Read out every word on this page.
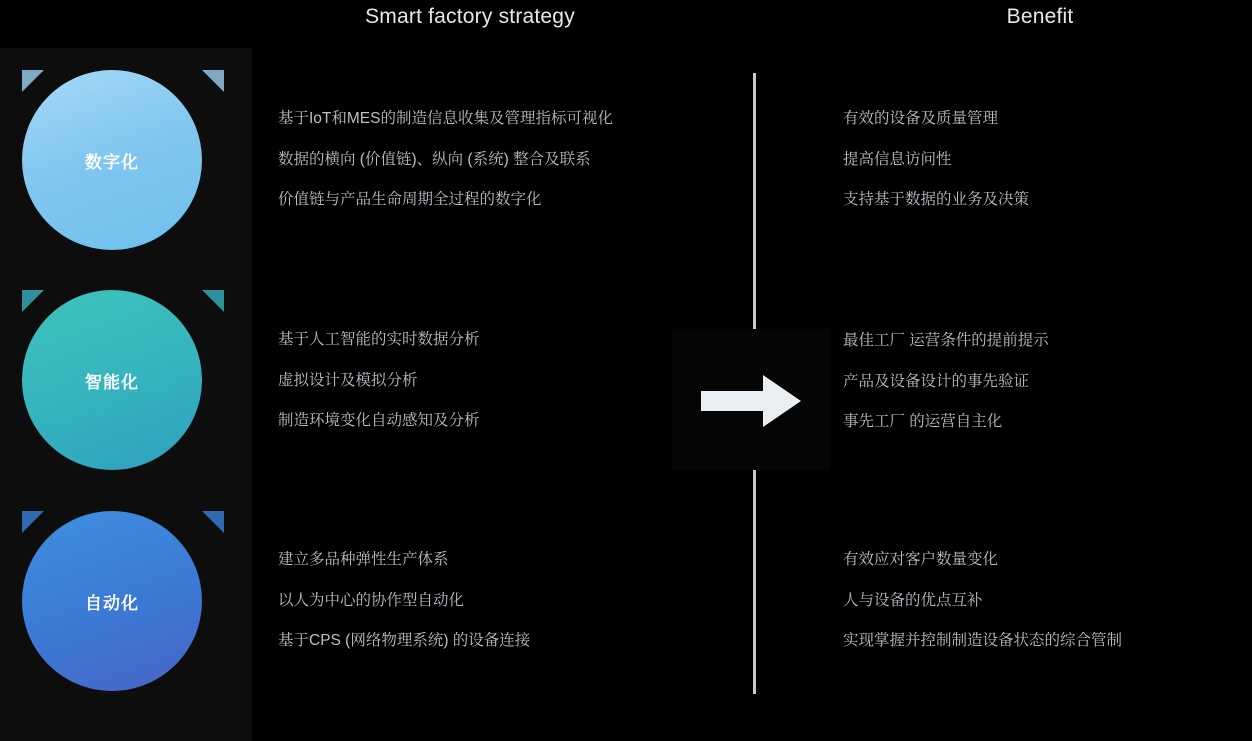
Smart factory strategy	Benefit
数字化
智能化
自动化
基于IoT和MES的制造信息收集及管理指标可视化
数据的横向 (价值链)、纵向 (系统) 整合及联系
价值链与产品生命周期全过程的数字化
基于人工智能的实时数据分析
虚拟设计及模拟分析
制造环境变化自动感知及分析
建立多品种弹性生产体系
以人为中心的协作型自动化
基于CPS (网络物理系统) 的设备连接
有效的设备及质量管理
提高信息访问性
支持基于数据的业务及决策
最佳工厂 运营条件的提前提示
产品及设备设计的事先验证
事先工厂 的运营自主化
有效应对客户数量变化
人与设备的优点互补
实现掌握并控制制造设备状态的综合管制
